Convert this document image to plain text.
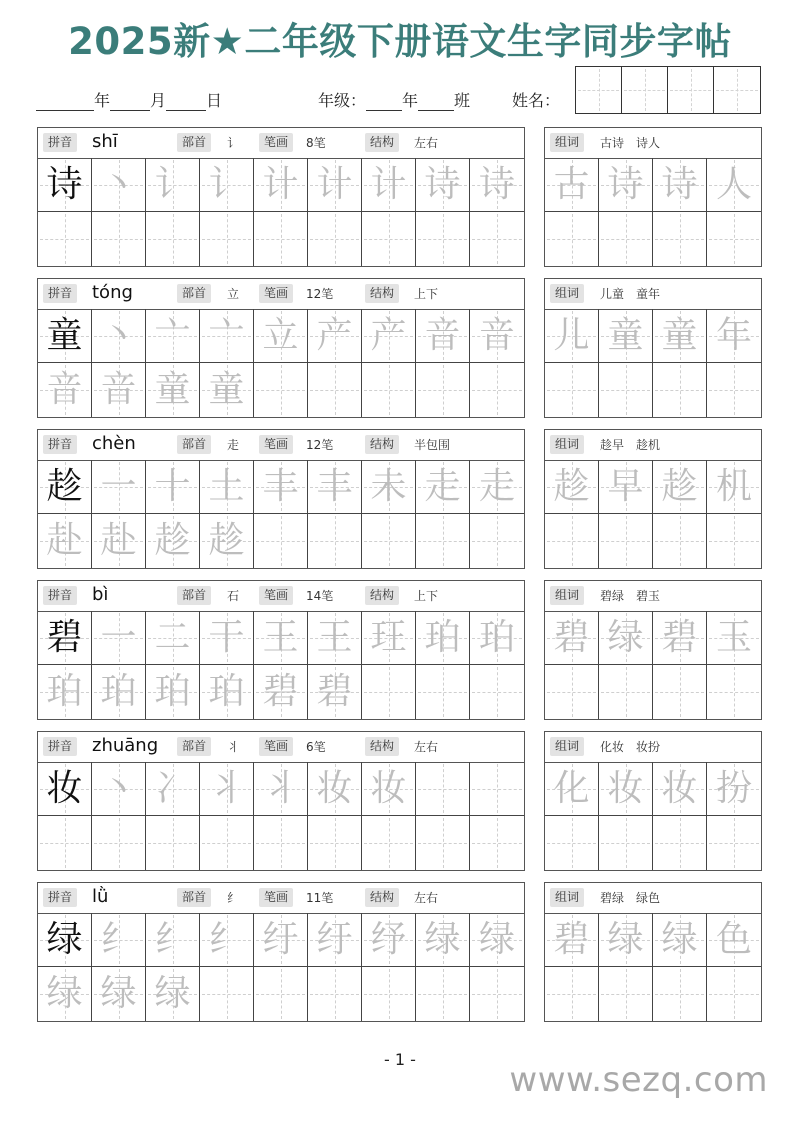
2025新★二年级下册语文生字同步字帖
年	月	日	年级： 年 班	姓名：
拼音 shī	部首	讠	笔画	8笔	结构	左右
诗 丶 讠 讠 计 计 计 诗 诗
组词	古诗　诗人
古 诗 诗 人
拼音 tóng	部首	立	笔画	12笔	结构	上下
童 丶 亠 亠 立 产 产 音 音
音 音 童 童
组词	儿童　童年
儿 童 童 年
拼音 chèn	部首	走	笔画	12笔	结构	半包围
趁 一 十 土 丰 丰 未 走 走
赴 赴 趁 趁
组词	趁早　趁机
趁 早 趁 机
拼音 bì	部首	石	笔画	14笔	结构	上下
碧 一 二 干 王 王 玨 珀 珀
珀 珀 珀 珀 碧 碧
组词	碧绿　碧玉
碧 绿 碧 玉
拼音 zhuāng	部首	丬	笔画	6笔	结构	左右
妆 丶 冫 丬 丬 妆 妆
组词	化妆　妆扮
化 妆 妆 扮
拼音 lǜ	部首	纟	笔画	11笔	结构	左右
绿 纟 纟 纟 纡 纡 纾 绿 绿
绿 绿 绿
组词	碧绿　绿色
碧 绿 绿 色
- 1 -
www.sezq.com
